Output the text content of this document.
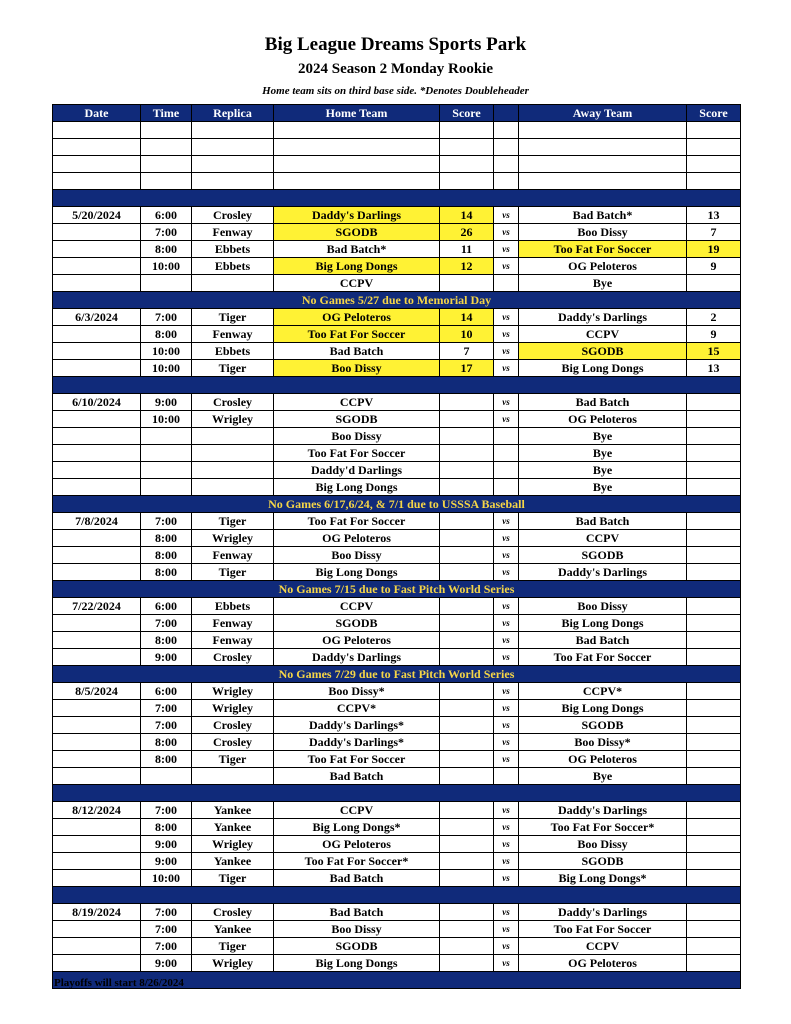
Big League Dreams Sports Park
2024 Season 2 Monday Rookie
Home team sits on third base side. *Denotes Doubleheader
Date	Time	Replica	Home Team	Score		Away Team	Score

5/20/2024	6:00	Crosley	Daddy's Darlings	14	vs	Bad Batch*	13
	7:00	Fenway	SGODB	26	vs	Boo Dissy	7
	8:00	Ebbets	Bad Batch*	11	vs	Too Fat For Soccer	19
	10:00	Ebbets	Big Long Dongs	12	vs	OG Peloteros	9
			CCPV			Bye	
No Games 5/27 due to Memorial Day							
6/3/2024	7:00	Tiger	OG Peloteros	14	vs	Daddy's Darlings	2
	8:00	Fenway	Too Fat For Soccer	10	vs	CCPV	9
	10:00	Ebbets	Bad Batch	7	vs	SGODB	15
	10:00	Tiger	Boo Dissy	17	vs	Big Long Dongs	13

6/10/2024	9:00	Crosley	CCPV		vs	Bad Batch	
	10:00	Wrigley	SGODB		vs	OG Peloteros	
			Boo Dissy			Bye	
			Too Fat For Soccer			Bye	
			Daddy'd Darlings			Bye	
			Big Long Dongs			Bye	
No Games 6/17,6/24, & 7/1 due to USSSA Baseball							
7/8/2024	7:00	Tiger	Too Fat For Soccer		vs	Bad Batch	
	8:00	Wrigley	OG Peloteros		vs	CCPV	
	8:00	Fenway	Boo Dissy		vs	SGODB	
	8:00	Tiger	Big Long Dongs		vs	Daddy's Darlings	
No Games 7/15 due to Fast Pitch World Series							
7/22/2024	6:00	Ebbets	CCPV		vs	Boo Dissy	
	7:00	Fenway	SGODB		vs	Big Long Dongs	
	8:00	Fenway	OG Peloteros		vs	Bad Batch	
	9:00	Crosley	Daddy's Darlings		vs	Too Fat For Soccer	
No Games 7/29 due to Fast Pitch World Series							
8/5/2024	6:00	Wrigley	Boo Dissy*		vs	CCPV*	
	7:00	Wrigley	CCPV*		vs	Big Long Dongs	
	7:00	Crosley	Daddy's Darlings*		vs	SGODB	
	8:00	Crosley	Daddy's Darlings*		vs	Boo Dissy*	
	8:00	Tiger	Too Fat For Soccer		vs	OG Peloteros	
			Bad Batch			Bye	

8/12/2024	7:00	Yankee	CCPV		vs	Daddy's Darlings	
	8:00	Yankee	Big Long Dongs*		vs	Too Fat For Soccer*	
	9:00	Wrigley	OG Peloteros		vs	Boo Dissy	
	9:00	Yankee	Too Fat For Soccer*		vs	SGODB	
	10:00	Tiger	Bad Batch		vs	Big Long Dongs*	

8/19/2024	7:00	Crosley	Bad Batch		vs	Daddy's Darlings	
	7:00	Yankee	Boo Dissy		vs	Too Fat For Soccer	
	7:00	Tiger	SGODB		vs	CCPV	
	9:00	Wrigley	Big Long Dongs		vs	OG Peloteros	

Playoffs will start 8/26/2024
